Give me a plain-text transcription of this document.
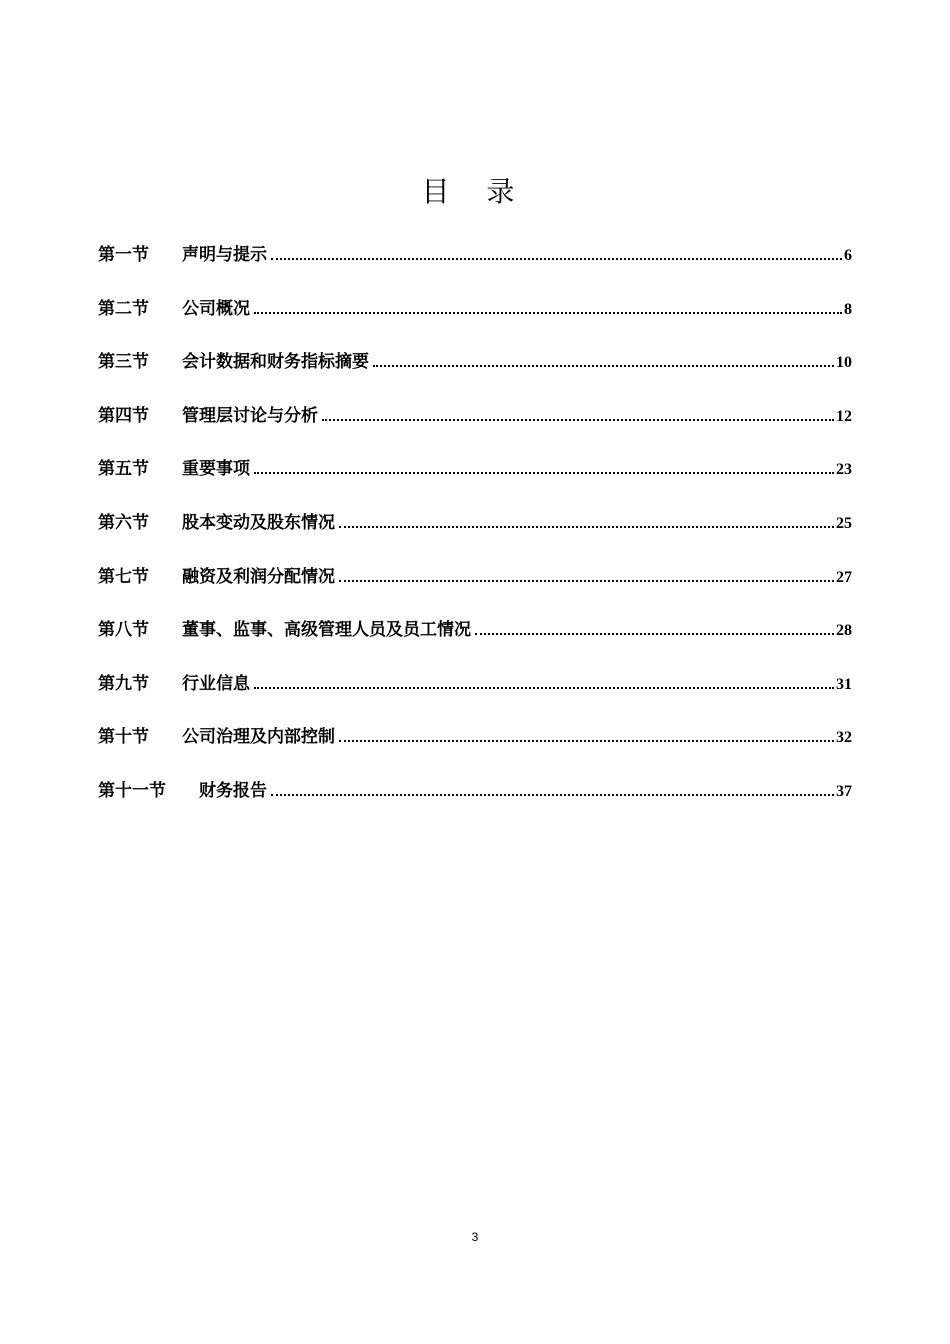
目 录
第一节	声明与提示	6
第二节	公司概况	8
第三节	会计数据和财务指标摘要	10
第四节	管理层讨论与分析	12
第五节	重要事项	23
第六节	股本变动及股东情况	25
第七节	融资及利润分配情况	27
第八节	董事、监事、高级管理人员及员工情况	28
第九节	行业信息	31
第十节	公司治理及内部控制	32
第十一节	财务报告	37
3
